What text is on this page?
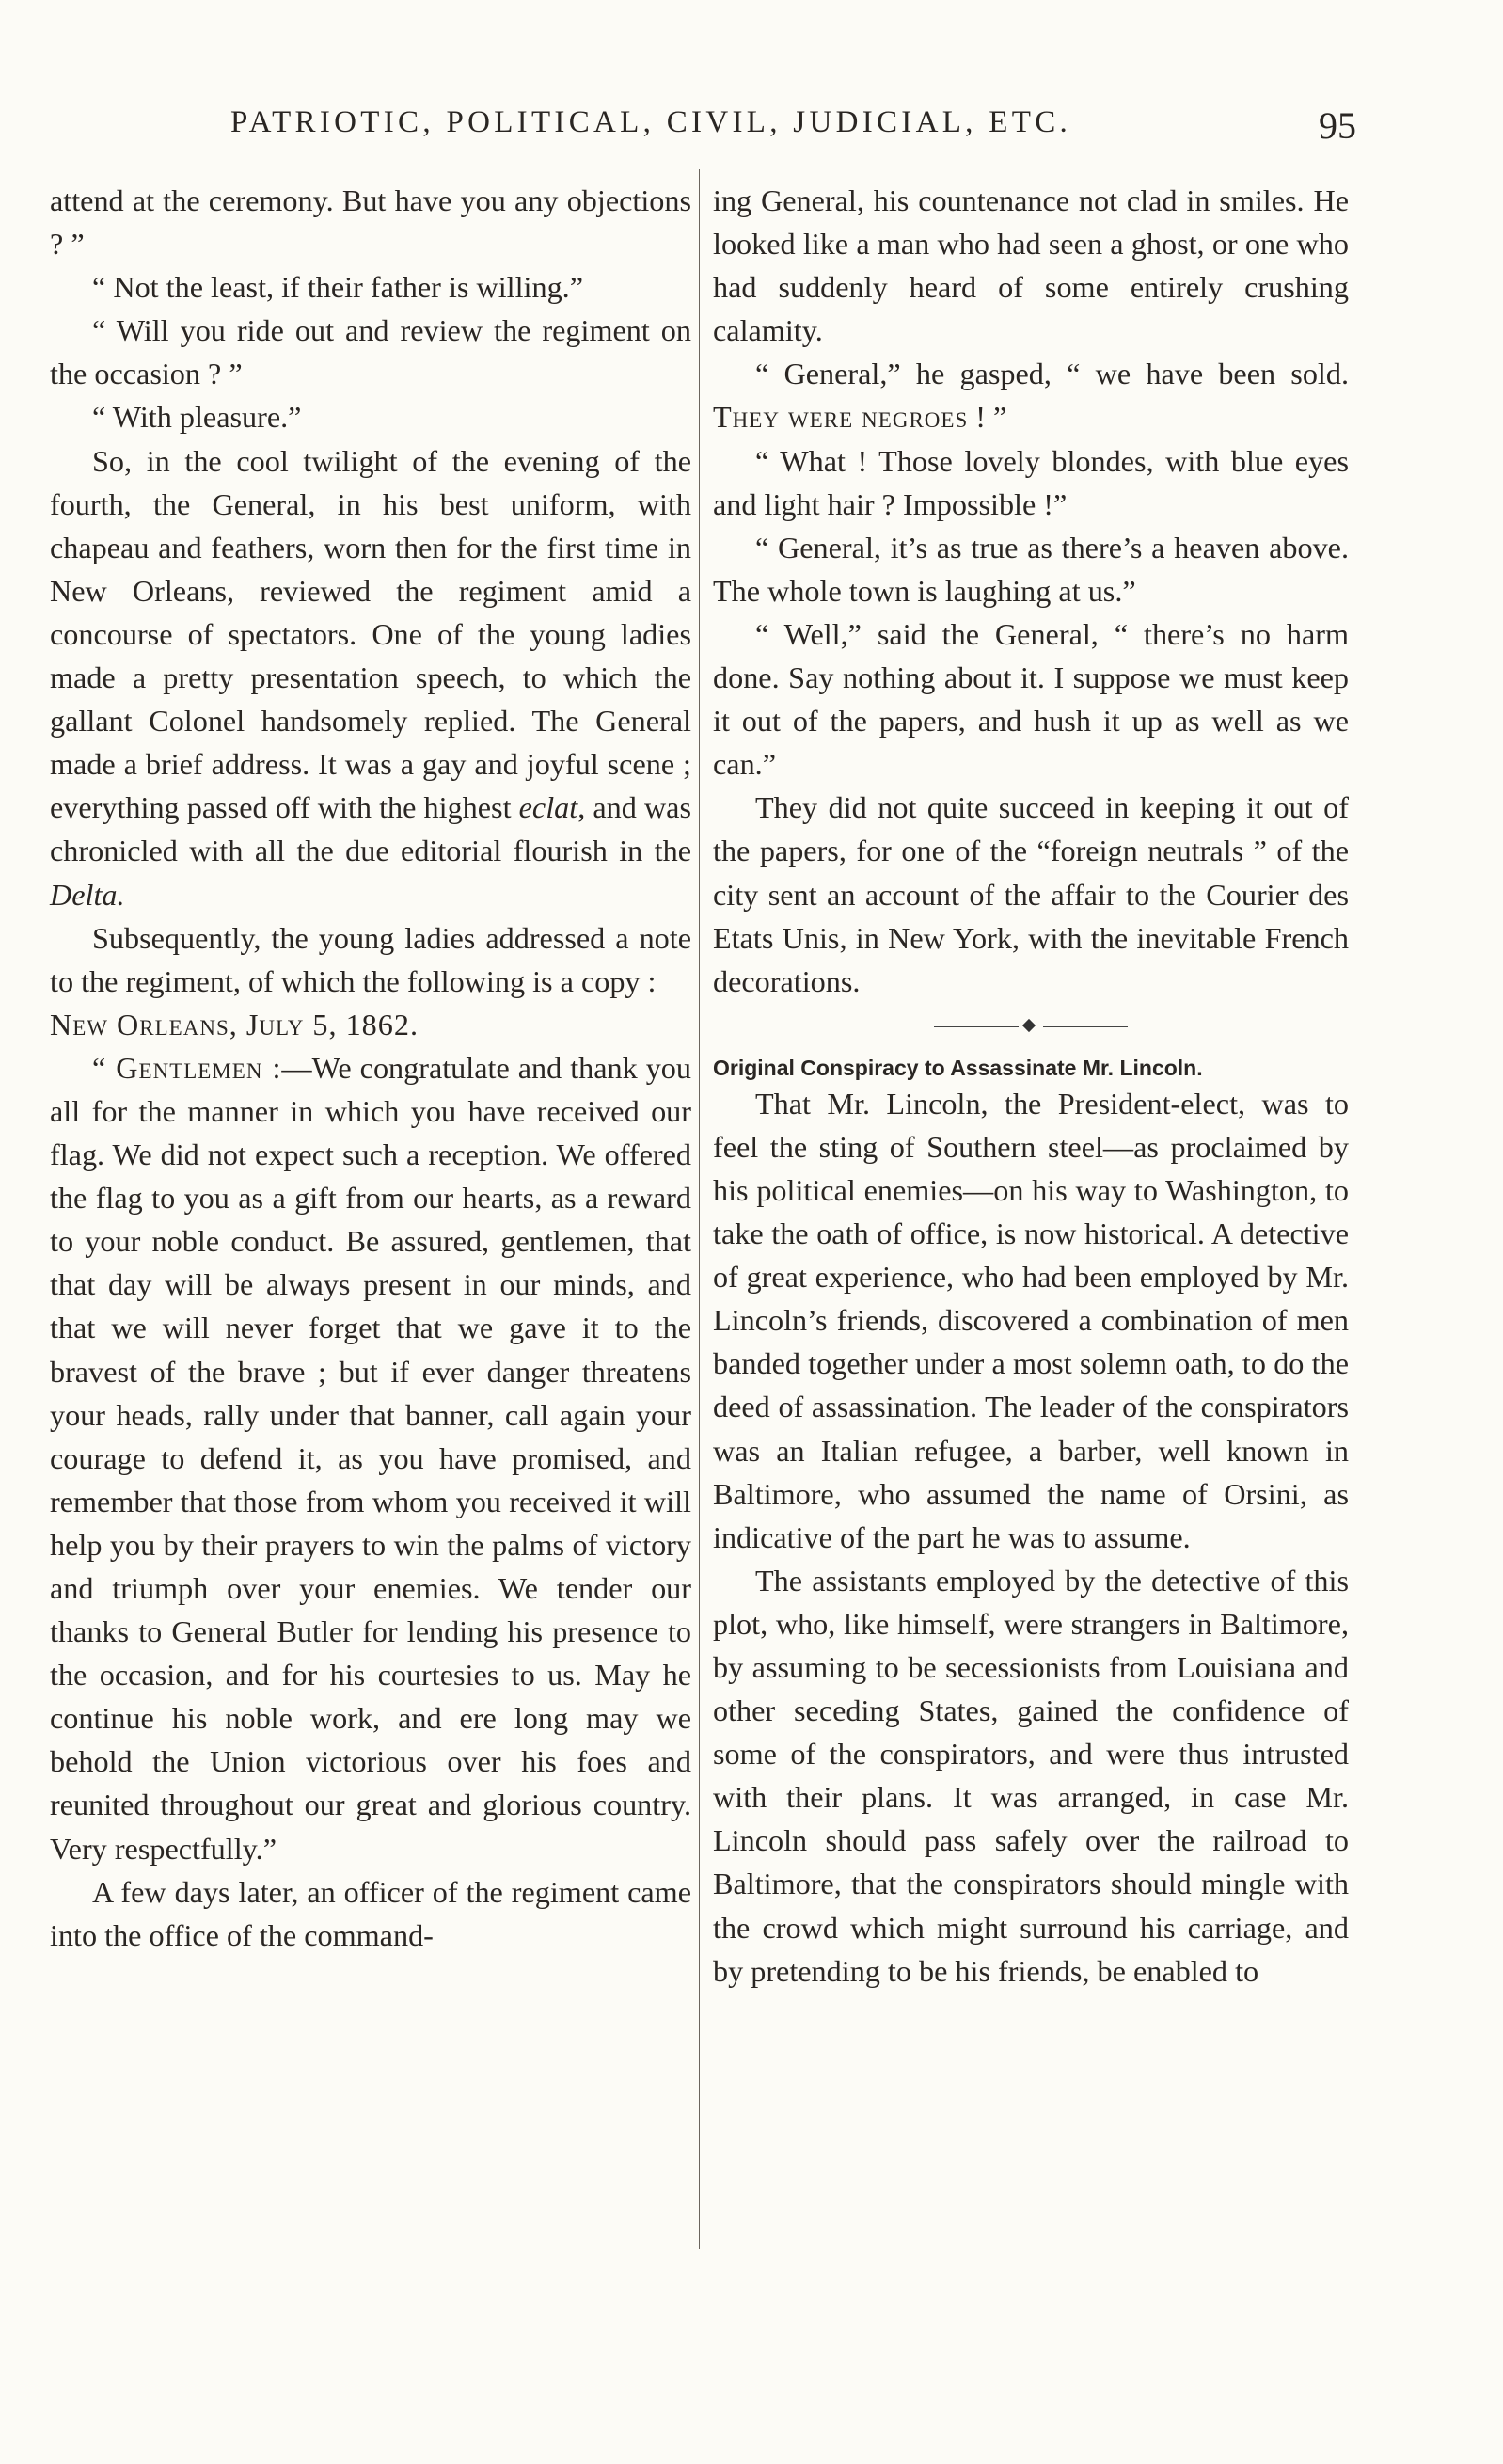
PATRIOTIC, POLITICAL, CIVIL, JUDICIAL, ETC.	95

attend at the ceremony. But have you any objections ? ”

“ Not the least, if their father is willing.”

“ Will you ride out and review the regiment on the occasion ? ”

“ With pleasure.”

So, in the cool twilight of the evening of the fourth, the General, in his best uniform, with chapeau and feathers, worn then for the first time in New Orleans, reviewed the regiment amid a concourse of spectators. One of the young ladies made a pretty presentation speech, to which the gallant Colonel handsomely replied. The General made a brief address. It was a gay and joyful scene ; everything passed off with the highest eclat, and was chronicled with all the due editorial flourish in the Delta.

Subsequently, the young ladies addressed a note to the regiment, of which the following is a copy :

New Orleans, July 5, 1862.

“ Gentlemen :—We congratulate and thank you all for the manner in which you have received our flag. We did not expect such a reception. We offered the flag to you as a gift from our hearts, as a reward to your noble conduct. Be assured, gentlemen, that that day will be always present in our minds, and that we will never forget that we gave it to the bravest of the brave ; but if ever danger threatens your heads, rally under that banner, call again your courage to defend it, as you have promised, and remember that those from whom you received it will help you by their prayers to win the palms of victory and triumph over your enemies. We tender our thanks to General Butler for lending his presence to the occasion, and for his courtesies to us. May he continue his noble work, and ere long may we behold the Union victorious over his foes and reunited throughout our great and glorious country. Very respectfully.”

A few days later, an officer of the regiment came into the office of the command-

ing General, his countenance not clad in smiles. He looked like a man who had seen a ghost, or one who had suddenly heard of some entirely crushing calamity.

“ General,” he gasped, “ we have been sold. They were negroes ! ”

“ What ! Those lovely blondes, with blue eyes and light hair ? Impossible !”

“ General, it’s as true as there’s a heaven above. The whole town is laughing at us.”

“ Well,” said the General, “ there’s no harm done. Say nothing about it. I suppose we must keep it out of the papers, and hush it up as well as we can.”

They did not quite succeed in keeping it out of the papers, for one of the “foreign neutrals ” of the city sent an account of the affair to the Courier des Etats Unis, in New York, with the inevitable French decorations.

Original Conspiracy to Assassinate Mr. Lincoln.

That Mr. Lincoln, the President-elect, was to feel the sting of Southern steel—as proclaimed by his political enemies—on his way to Washington, to take the oath of office, is now historical. A detective of great experience, who had been employed by Mr. Lincoln’s friends, discovered a combination of men banded together under a most solemn oath, to do the deed of assassination. The leader of the conspirators was an Italian refugee, a barber, well known in Baltimore, who assumed the name of Orsini, as indicative of the part he was to assume.

The assistants employed by the detective of this plot, who, like himself, were strangers in Baltimore, by assuming to be secessionists from Louisiana and other seceding States, gained the confidence of some of the conspirators, and were thus intrusted with their plans. It was arranged, in case Mr. Lincoln should pass safely over the railroad to Baltimore, that the conspirators should mingle with the crowd which might surround his carriage, and by pretending to be his friends, be enabled to
